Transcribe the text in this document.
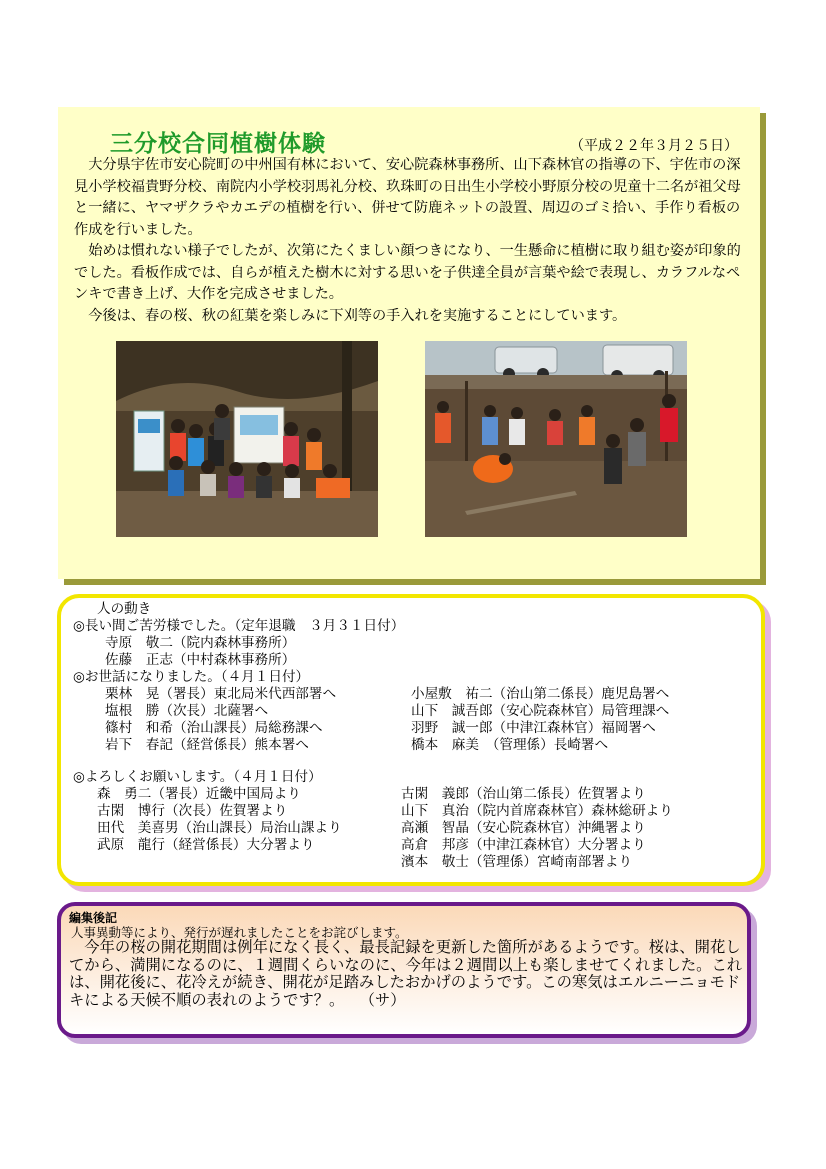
三分校合同植樹体験	（平成２２年３月２５日）

大分県宇佐市安心院町の中州国有林において、安心院森林事務所、山下森林官の指導の下、宇佐市の深見小学校福貴野分校、南院内小学校羽馬礼分校、玖珠町の日出生小学校小野原分校の児童十二名が祖父母と一緒に、ヤマザクラやカエデの植樹を行い、併せて防鹿ネットの設置、周辺のゴミ拾い、手作り看板の作成を行いました。

始めは慣れない様子でしたが、次第にたくましい顔つきになり、一生懸命に植樹に取り組む姿が印象的でした。看板作成では、自らが植えた樹木に対する思いを子供達全員が言葉や絵で表現し、カラフルなペンキで書き上げ、大作を完成させました。

今後は、春の桜、秋の紅葉を楽しみに下刈等の手入れを実施することにしています。

人の動き
◎長い間ご苦労様でした。（定年退職　３月３１日付）
寺原　敬二（院内森林事務所）
佐藤　正志（中村森林事務所）
◎お世話になりました。（４月１日付）
栗林　晃（署長）東北局米代西部署へ
塩根　勝（次長）北薩署へ
篠村　和希（治山課長）局総務課へ
岩下　春記（経営係長）熊本署へ
小屋敷　祐二（治山第二係長）鹿児島署へ
山下　誠吾郎（安心院森林官）局管理課へ
羽野　誠一郎（中津江森林官）福岡署へ
橋本　麻美　（管理係）長崎署へ
◎よろしくお願いします。（４月１日付）
森　勇二（署長）近畿中国局より
古閑　博行（次長）佐賀署より
田代　美喜男（治山課長）局治山課より
武原　龍行（経営係長）大分署より
古閑　義郎（治山第二係長）佐賀署より
山下　真治（院内首席森林官）森林総研より
高瀬　智晶（安心院森林官）沖縄署より
高倉　邦彦（中津江森林官）大分署より
濱本　敬士（管理係）宮崎南部署より
編集後記
人事異動等により、発行が遅れましたことをお詫びします。
　今年の桜の開花期間は例年になく長く、最長記録を更新した箇所があるようです。桜は、開花してから、満開になるのに、１週間くらいなのに、今年は２週間以上も楽しませてくれました。これは、開花後に、花冷えが続き、開花が足踏みしたおかげのようです。この寒気はエルニーニョモドキによる天候不順の表れのようです？。　　（サ）
